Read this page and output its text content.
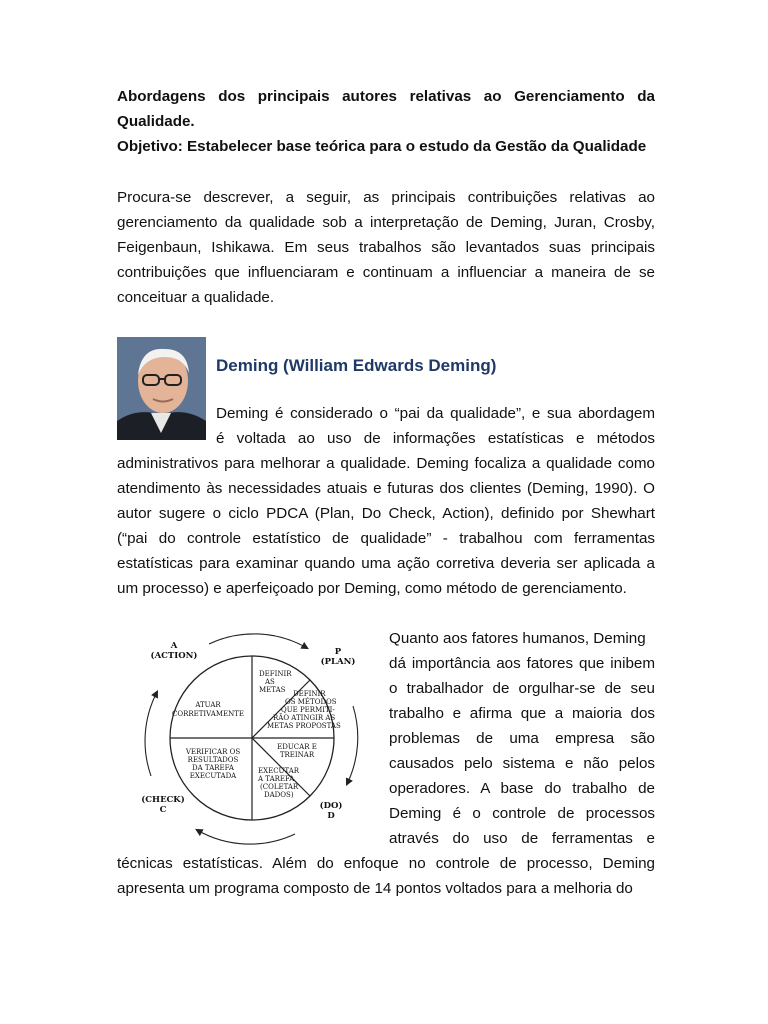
Abordagens dos principais autores relativas ao Gerenciamento da Qualidade.

Objetivo: Estabelecer base teórica para o estudo da Gestão da Qualidade

Procura-se descrever, a seguir, as principais contribuições relativas ao gerenciamento da qualidade sob a interpretação de Deming, Juran, Crosby, Feigenbaun, Ishikawa. Em seus trabalhos são levantados suas principais contribuições que influenciaram e continuam a influenciar a maneira de se conceituar a qualidade.

Deming (William Edwards Deming)

Deming é considerado o “pai da qualidade”, e sua abordagem

é voltada ao uso de informações estatísticas e métodos

administrativos para melhorar a qualidade. Deming focaliza a qualidade como atendimento às necessidades atuais e futuras dos clientes (Deming, 1990). O autor sugere o ciclo PDCA (Plan, Do Check, Action), definido por Shewhart (“pai do controle estatístico de qualidade” - trabalhou com ferramentas estatísticas para examinar quando uma ação corretiva deveria ser aplicada a um processo) e aperfeiçoado por Deming, como método de gerenciamento.

A
(ACTION)	P
(PLAN)
(CHECK)
C	(DO)
D
ATUAR
CORRETIVAMENTE
DEFINIR
AS
METAS DEFINIR
OS MÉTODOS
QUE PERMITI-
RÃO ATINGIR AS
METAS PROPOSTAS
EDUCAR E
TREINAR
EXECUTAR
A TAREFA
(COLETAR
DADOS)
VERIFICAR OS
RESULTADOS
DA TAREFA
EXECUTADA

Quanto aos fatores humanos, Deming

dá importância aos fatores que inibem

o trabalhador de orgulhar-se de seu

trabalho e afirma que a maioria dos

problemas de uma empresa são

causados pelo sistema e não pelos

operadores. A base do trabalho de

Deming é o controle de processos

através do uso de ferramentas e

técnicas estatísticas. Além do enfoque no controle de processo, Deming apresenta um programa composto de 14 pontos voltados para a melhoria do
